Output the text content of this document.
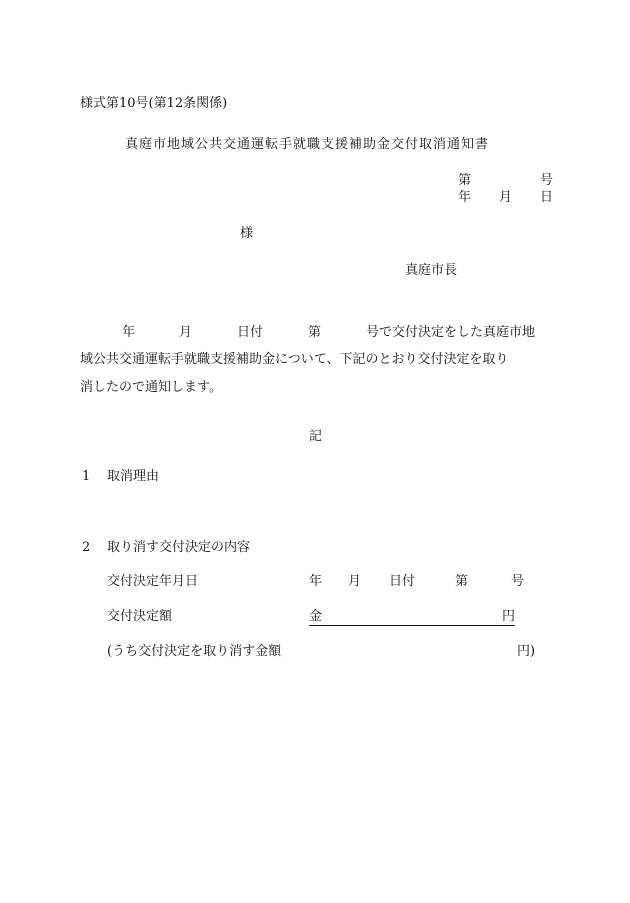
様式第10号(第12条関係)
真庭市地域公共交通運転手就職支援補助金交付取消通知書
第	号
年 月 日
様
真庭市長
年	月	日付	第	号で交付決定をした真庭市地
域公共交通運転手就職支援補助金について、下記のとおり交付決定を取り
消したので通知します。
記
1 取消理由
2 取り消す交付決定の内容
交付決定年月日	年 月 日付	第	号
交付決定額	金	円
(うち交付決定を取り消す金額	円)
